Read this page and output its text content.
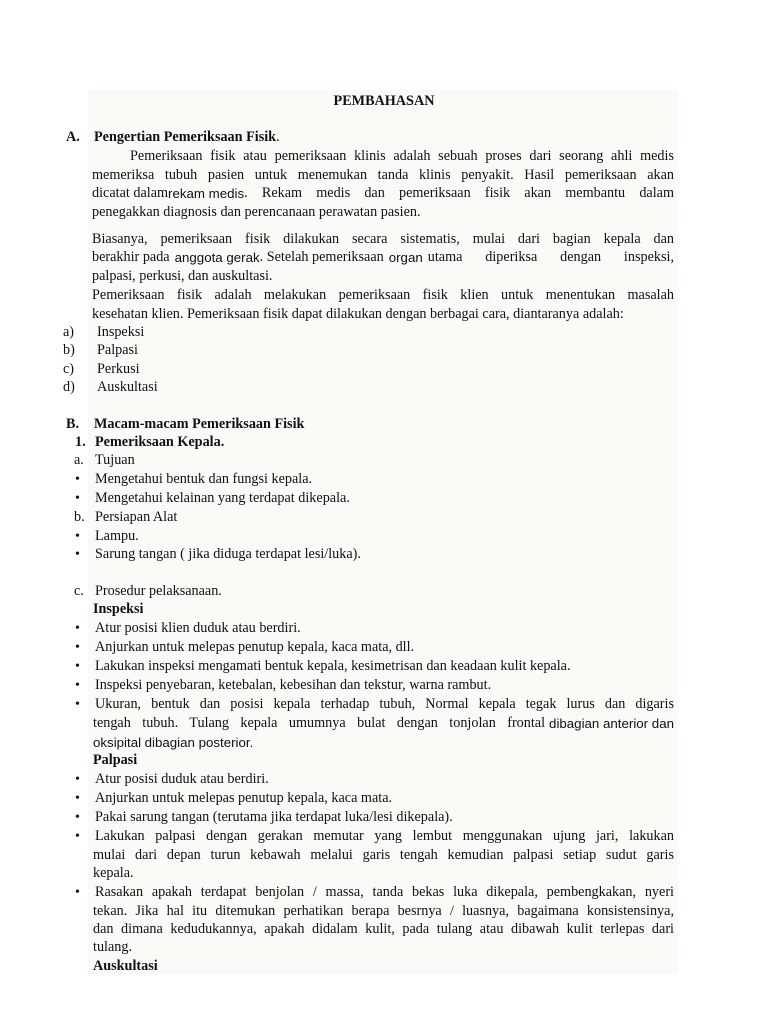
PEMBAHASAN
A. Pengertian Pemeriksaan Fisik.
Pemeriksaan fisik atau pemeriksaan klinis adalah sebuah proses dari seorang ahli medis
memeriksa tubuh pasien untuk menemukan tanda klinis penyakit. Hasil pemeriksaan akan
dicatat dalam rekam medis . Rekam medis dan pemeriksaan fisik akan membantu dalam
penegakkan diagnosis dan perencanaan perawatan pasien.
Biasanya, pemeriksaan fisik dilakukan secara sistematis, mulai dari bagian kepala dan
berakhir pada anggota gerak . Setelah pemeriksaan organ utama diperiksa dengan inspeksi,
palpasi, perkusi, dan auskultasi.
Pemeriksaan fisik adalah melakukan pemeriksaan fisik klien untuk menentukan masalah
kesehatan klien. Pemeriksaan fisik dapat dilakukan dengan berbagai cara, diantaranya adalah:
a) Inspeksi
b) Palpasi
c) Perkusi
d) Auskultasi
B. Macam-macam Pemeriksaan Fisik
1. Pemeriksaan Kepala.
a. Tujuan
• Mengetahui bentuk dan fungsi kepala.
• Mengetahui kelainan yang terdapat dikepala.
b. Persiapan Alat
• Lampu.
• Sarung tangan ( jika diduga terdapat lesi/luka).
c. Prosedur pelaksanaan.
Inspeksi
• Atur posisi klien duduk atau berdiri.
• Anjurkan untuk melepas penutup kepala, kaca mata, dll.
• Lakukan inspeksi mengamati bentuk kepala, kesimetrisan dan keadaan kulit kepala.
• Inspeksi penyebaran, ketebalan, kebesihan dan tekstur, warna rambut.
• Ukuran, bentuk dan posisi kepala terhadap tubuh, Normal kepala tegak lurus dan digaris
tengah tubuh. Tulang kepala umumnya bulat dengan tonjolan frontal dibagian anterior dan
oksipital dibagian posterior.
Palpasi
• Atur posisi duduk atau berdiri.
• Anjurkan untuk melepas penutup kepala, kaca mata.
• Pakai sarung tangan (terutama jika terdapat luka/lesi dikepala).
• Lakukan palpasi dengan gerakan memutar yang lembut menggunakan ujung jari, lakukan
mulai dari depan turun kebawah melalui garis tengah kemudian palpasi setiap sudut garis
kepala.
• Rasakan apakah terdapat benjolan / massa, tanda bekas luka dikepala, pembengkakan, nyeri
tekan. Jika hal itu ditemukan perhatikan berapa besrnya / luasnya, bagaimana konsistensinya,
dan dimana kedudukannya, apakah didalam kulit, pada tulang atau dibawah kulit terlepas dari
tulang.
Auskultasi
